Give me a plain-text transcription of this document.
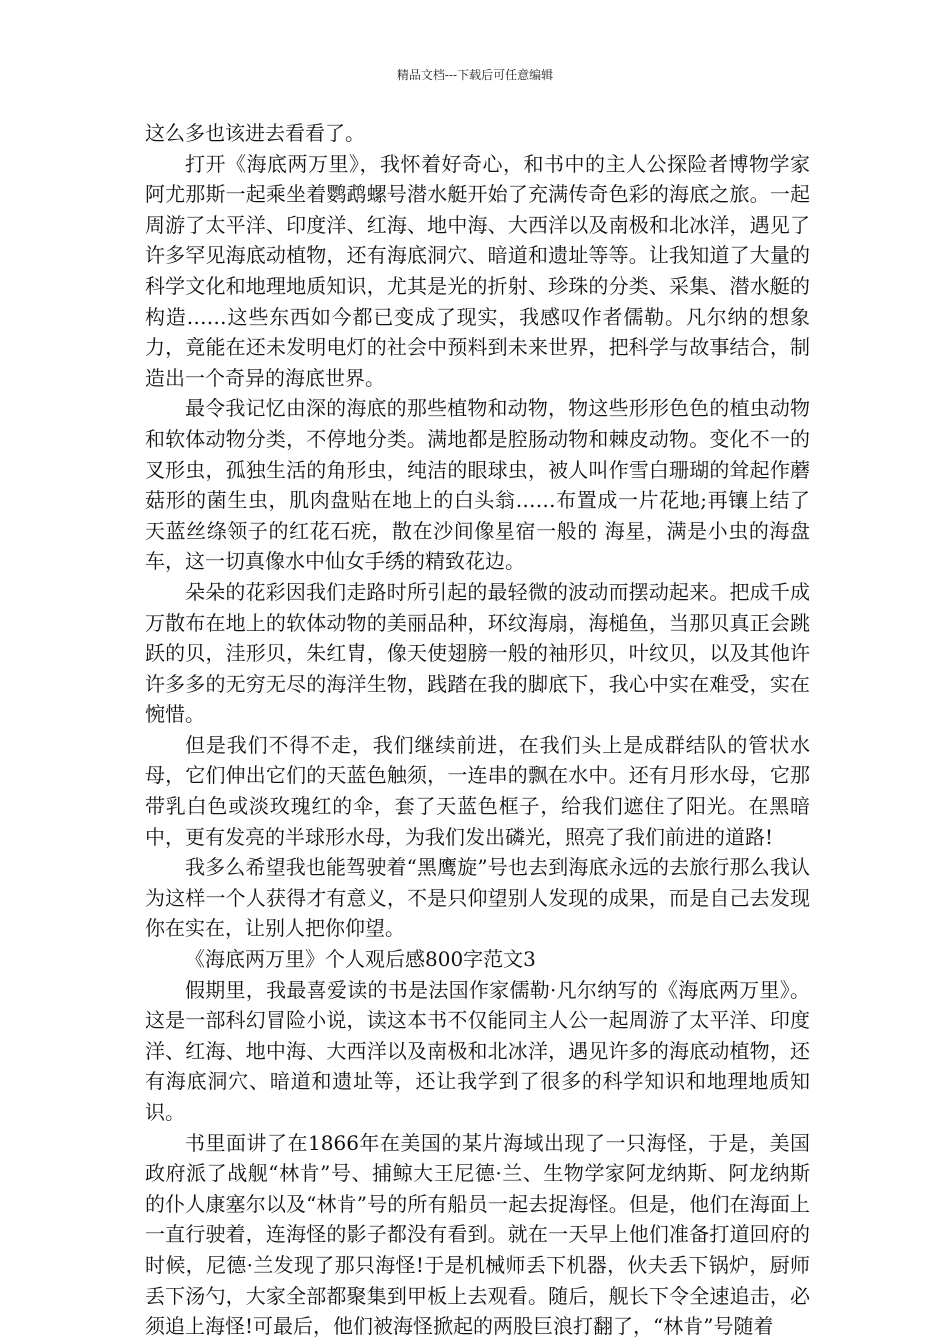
精品文档---下载后可任意编辑

这么多也该进去看看了。

打开《海底两万里》，我怀着好奇心，和书中的主人公探险者博物学家阿尤那斯一起乘坐着鹦鹉螺号潜水艇开始了充满传奇色彩的海底之旅。一起周游了太平洋、印度洋、红海、地中海、大西洋以及南极和北冰洋，遇见了许多罕见海底动植物，还有海底洞穴、暗道和遗址等等。让我知道了大量的科学文化和地理地质知识，尤其是光的折射、珍珠的分类、采集、潜水艇的构造……这些东西如今都已变成了现实，我感叹作者儒勒。凡尔纳的想象力，竟能在还未发明电灯的社会中预料到未来世界，把科学与故事结合，制造出一个奇异的海底世界。

最令我记忆由深的海底的那些植物和动物，物这些形形色色的植虫动物和软体动物分类，不停地分类。满地都是腔肠动物和棘皮动物。变化不一的叉形虫，孤独生活的角形虫，纯洁的眼球虫，被人叫作雪白珊瑚的耸起作蘑菇形的菌生虫，肌肉盘贴在地上的白头翁……布置成一片花地;再镶上结了天蓝丝绦领子的红花石疣，散在沙间像星宿一般的 海星，满是小虫的海盘车，这一切真像水中仙女手绣的精致花边。

朵朵的花彩因我们走路时所引起的最轻微的波动而摆动起来。把成千成万散布在地上的软体动物的美丽品种，环纹海扇，海槌鱼，当那贝真正会跳跃的贝，洼形贝，朱红胄，像天使翅膀一般的袖形贝，叶纹贝，以及其他许许多多的无穷无尽的海洋生物，践踏在我的脚底下，我心中实在难受，实在惋惜。

但是我们不得不走，我们继续前进，在我们头上是成群结队的管状水母，它们伸出它们的天蓝色触须，一连串的飘在水中。还有月形水母，它那带乳白色或淡玫瑰红的伞，套了天蓝色框子，给我们遮住了阳光。在黑暗中，更有发亮的半球形水母，为我们发出磷光，照亮了我们前进的道路!

我多么希望我也能驾驶着“黑鹰旋”号也去到海底永远的去旅行那么我认为这样一个人获得才有意义，不是只仰望别人发现的成果，而是自己去发现你在实在，让别人把你仰望。

《海底两万里》个人观后感800字范文3

假期里，我最喜爱读的书是法国作家儒勒·凡尔纳写的《海底两万里》。这是一部科幻冒险小说，读这本书不仅能同主人公一起周游了太平洋、印度洋、红海、地中海、大西洋以及南极和北冰洋，遇见许多的海底动植物，还有海底洞穴、暗道和遗址等，还让我学到了很多的科学知识和地理地质知识。

书里面讲了在1866年在美国的某片海域出现了一只海怪，于是，美国政府派了战舰“林肯”号、捕鲸大王尼德·兰、生物学家阿龙纳斯、阿龙纳斯的仆人康塞尔以及“林肯”号的所有船员一起去捉海怪。但是，他们在海面上一直行驶着，连海怪的影子都没有看到。就在一天早上他们准备打道回府的时候，尼德·兰发现了那只海怪!于是机械师丢下机器，伙夫丢下锅炉，厨师丢下汤勺，大家全部都聚集到甲板上去观看。随后，舰长下令全速追击，必须追上海怪!可最后，他们被海怪掀起的两股巨浪打翻了，“林肯”号随着
